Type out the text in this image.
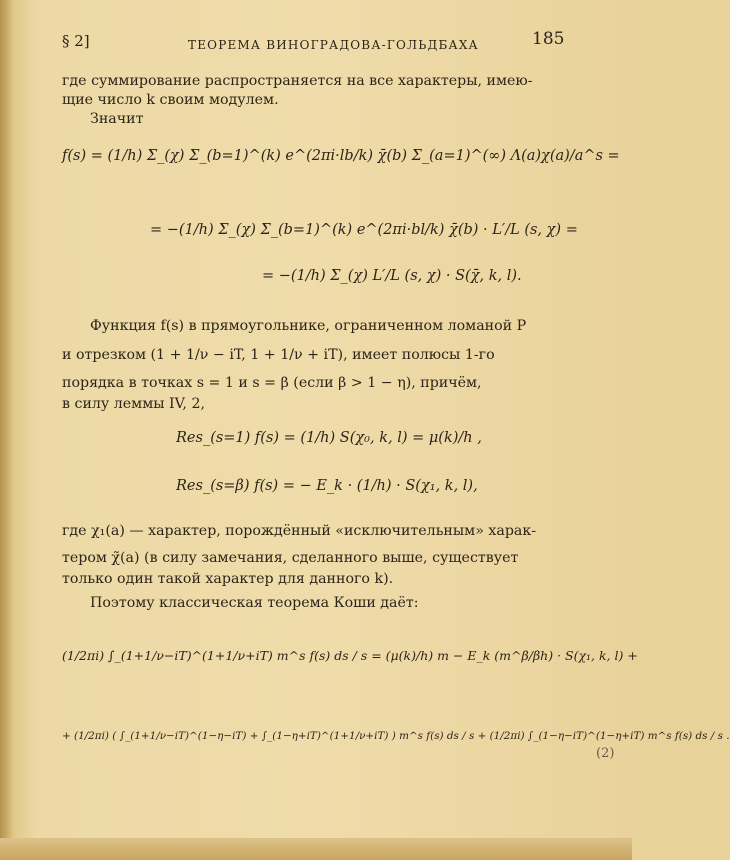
§ 2]	ТЕОРЕМА ВИНОГРАДОВА-ГОЛЬДБАХА	185
где суммирование распространяется на все характеры, имею-
щие число k своим модулем.
Значит
f(s) = (1/h) Σ_(χ) Σ_(b=1)^(k) e^(2πi·lb/k) χ̄(b) Σ_(a=1)^(∞) Λ(a)χ(a)/a^s =
= −(1/h) Σ_(χ) Σ_(b=1)^(k) e^(2πi·bl/k) χ̄(b) · L′/L (s, χ) =
= −(1/h) Σ_(χ) L′/L (s, χ) · S(χ̄, k, l).
Функция f(s) в прямоугольнике, ограниченном ломаной P
и отрезком (1 + 1/ν − iT, 1 + 1/ν + iT), имеет полюсы 1-го
порядка в точках s = 1 и s = β (если β > 1 − η), причём,
в силу леммы IV, 2,
Res_(s=1) f(s) = (1/h) S(χ₀, k, l) = μ(k)/h ,
Res_(s=β) f(s) = − E_k · (1/h) · S(χ₁, k, l),
где χ₁(a) — характер, порождённый «исключительным» харак-
тером χ̃(a) (в силу замечания, сделанного выше, существует
только один такой характер для данного k).
Поэтому классическая теорема Коши даёт:
(1/2πi) ∫_(1+1/ν−iT)^(1+1/ν+iT) m^s f(s) ds / s = (μ(k)/h) m − E_k (m^β/βh) · S(χ₁, k, l) +
+ (1/2πi) ( ∫_(1+1/ν−iT)^(1−η−iT) + ∫_(1−η+iT)^(1+1/ν+iT) ) m^s f(s) ds / s + (1/2πi) ∫_(1−η−iT)^(1−η+iT) m^s f(s) ds / s .
(2)
